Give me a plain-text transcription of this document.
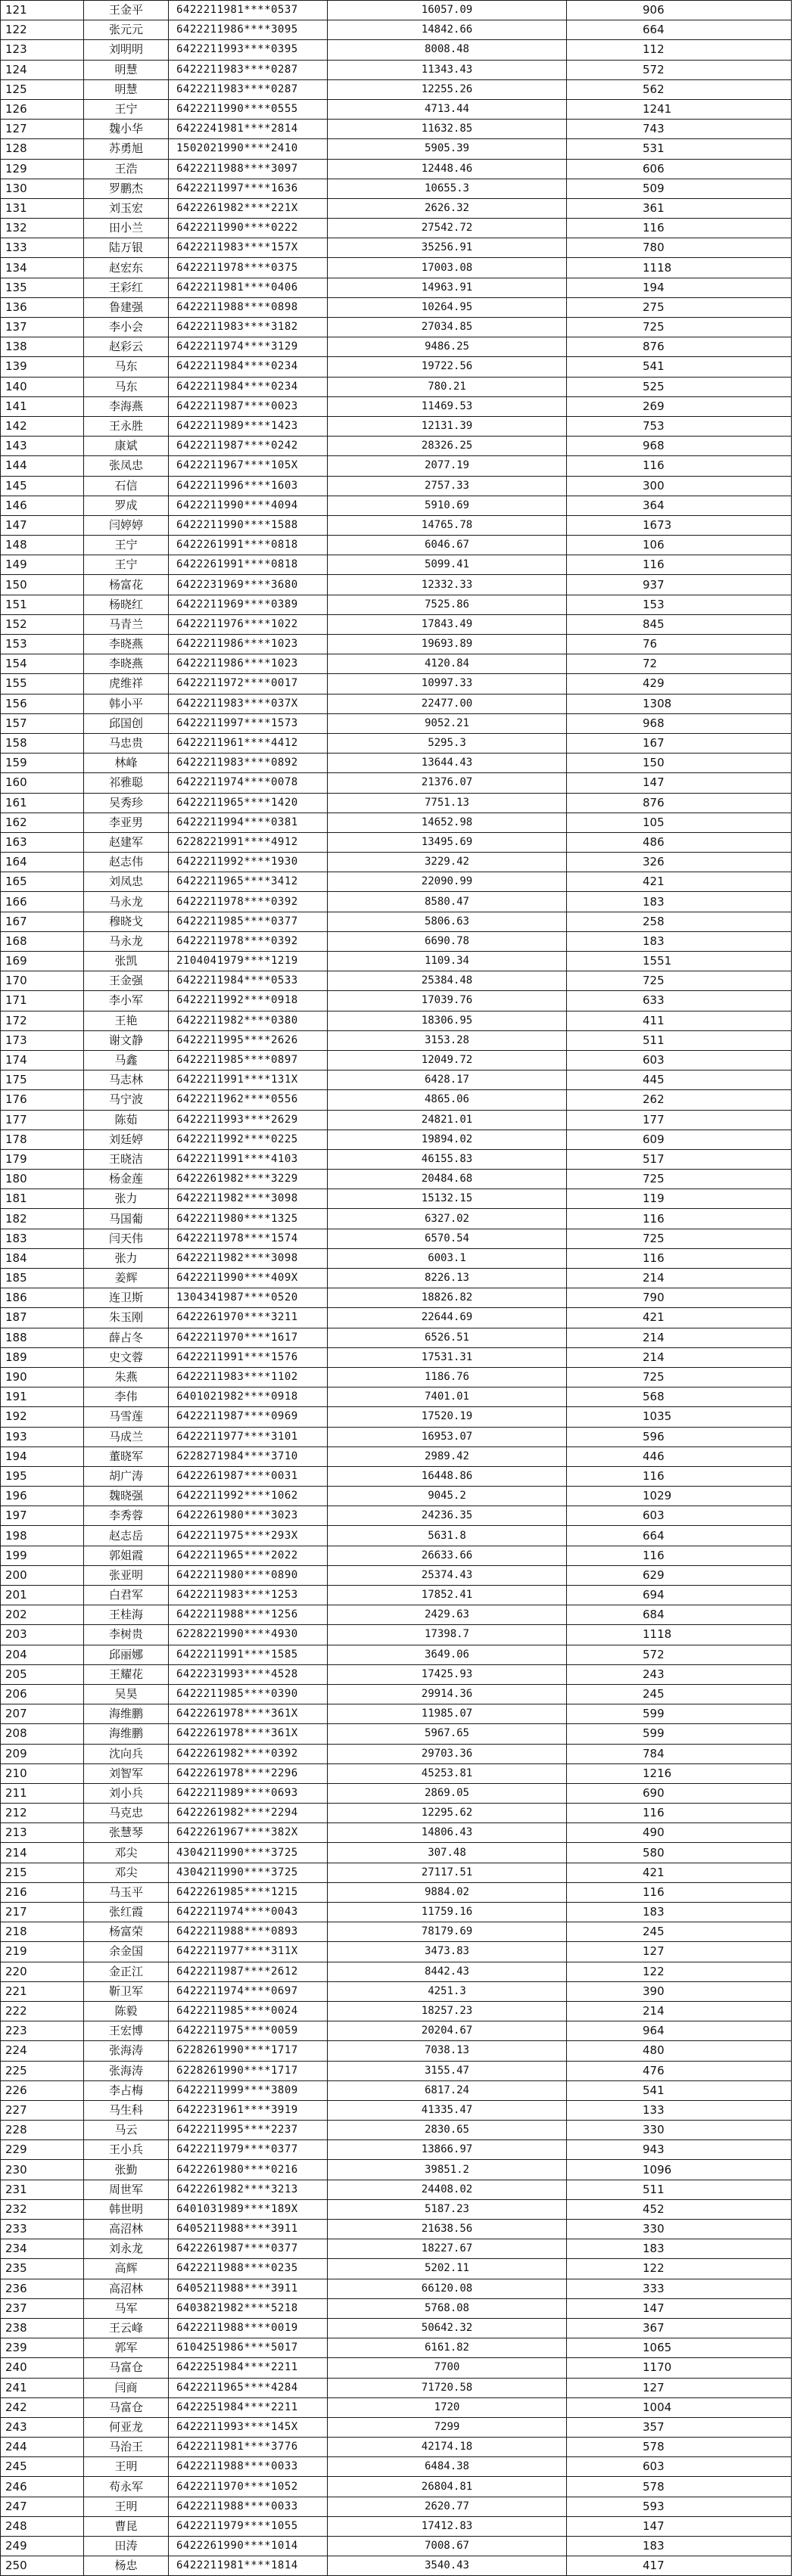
121	王金平	6422211981****0537	16057.09	906
122	张元元	6422211986****3095	14842.66	664
123	刘明明	6422211993****0395	8008.48	112
124	明慧	6422211983****0287	11343.43	572
125	明慧	6422211983****0287	12255.26	562
126	王宁	6422211990****0555	4713.44	1241
127	魏小华	6422241981****2814	11632.85	743
128	苏勇旭	1502021990****2410	5905.39	531
129	王浩	6422211988****3097	12448.46	606
130	罗鹏杰	6422211997****1636	10655.3	509
131	刘玉宏	6422261982****221X	2626.32	361
132	田小兰	6422211990****0222	27542.72	116
133	陆万银	6422211983****157X	35256.91	780
134	赵宏东	6422211978****0375	17003.08	1118
135	王彩红	6422211981****0406	14963.91	194
136	鲁建强	6422211988****0898	10264.95	275
137	李小会	6422211983****3182	27034.85	725
138	赵彩云	6422211974****3129	9486.25	876
139	马东	6422211984****0234	19722.56	541
140	马东	6422211984****0234	780.21	525
141	李海燕	6422211987****0023	11469.53	269
142	王永胜	6422211989****1423	12131.39	753
143	康斌	6422211987****0242	28326.25	968
144	张凤忠	6422211967****105X	2077.19	116
145	石信	6422211996****1603	2757.33	300
146	罗成	6422211990****4094	5910.69	364
147	闫婷婷	6422211990****1588	14765.78	1673
148	王宁	6422261991****0818	6046.67	106
149	王宁	6422261991****0818	5099.41	116
150	杨富花	6422231969****3680	12332.33	937
151	杨晓红	6422211969****0389	7525.86	153
152	马青兰	6422211976****1022	17843.49	845
153	李晓燕	6422211986****1023	19693.89	76
154	李晓燕	6422211986****1023	4120.84	72
155	虎维祥	6422211972****0017	10997.33	429
156	韩小平	6422211983****037X	22477.00	1308
157	邱国创	6422211997****1573	9052.21	968
158	马忠贵	6422211961****4412	5295.3	167
159	林峰	6422211983****0892	13644.43	150
160	祁雅聪	6422211974****0078	21376.07	147
161	吴秀珍	6422211965****1420	7751.13	876
162	李亚男	6422211994****0381	14652.98	105
163	赵建军	6228221991****4912	13495.69	486
164	赵志伟	6422211992****1930	3229.42	326
165	刘凤忠	6422211965****3412	22090.99	421
166	马永龙	6422211978****0392	8580.47	183
167	穆晓戈	6422211985****0377	5806.63	258
168	马永龙	6422211978****0392	6690.78	183
169	张凯	2104041979****1219	1109.34	1551
170	王金强	6422211984****0533	25384.48	725
171	李小军	6422211992****0918	17039.76	633
172	王艳	6422211982****0380	18306.95	411
173	谢文静	6422211995****2626	3153.28	511
174	马鑫	6422211985****0897	12049.72	603
175	马志林	6422211991****131X	6428.17	445
176	马宁波	6422211962****0556	4865.06	262
177	陈茹	6422211993****2629	24821.01	177
178	刘廷婷	6422211992****0225	19894.02	609
179	王晓洁	6422211991****4103	46155.83	517
180	杨金莲	6422261982****3229	20484.68	725
181	张力	6422211982****3098	15132.15	119
182	马国葡	6422211980****1325	6327.02	116
183	闫天伟	6422211978****1574	6570.54	725
184	张力	6422211982****3098	6003.1	116
185	姜辉	6422211990****409X	8226.13	214
186	连卫斯	1304341987****0520	18826.82	790
187	朱玉刚	6422261970****3211	22644.69	421
188	薛占冬	6422211970****1617	6526.51	214
189	史文蓉	6422211991****1576	17531.31	214
190	朱燕	6422211983****1102	1186.76	725
191	李伟	6401021982****0918	7401.01	568
192	马雪莲	6422211987****0969	17520.19	1035
193	马成兰	6422211977****3101	16953.07	596
194	董晓军	6228271984****3710	2989.42	446
195	胡广涛	6422261987****0031	16448.86	116
196	魏晓强	6422211992****1062	9045.2	1029
197	李秀蓉	6422261980****3023	24236.35	603
198	赵志岳	6422211975****293X	5631.8	664
199	郭姐霞	6422211965****2022	26633.66	116
200	张亚明	6422211980****0890	25374.43	629
201	白君军	6422211983****1253	17852.41	694
202	王桂海	6422211988****1256	2429.63	684
203	李树贵	6228221990****4930	17398.7	1118
204	邱丽娜	6422211991****1585	3649.06	572
205	王耀花	6422231993****4528	17425.93	243
206	吴昊	6422211985****0390	29914.36	245
207	海维鹏	6422261978****361X	11985.07	599
208	海维鹏	6422261978****361X	5967.65	599
209	沈向兵	6422261982****0392	29703.36	784
210	刘智军	6422261978****2296	45253.81	1216
211	刘小兵	6422211989****0693	2869.05	690
212	马克忠	6422261982****2294	12295.62	116
213	张慧琴	6422261967****382X	14806.43	490
214	邓尖	4304211990****3725	307.48	580
215	邓尖	4304211990****3725	27117.51	421
216	马玉平	6422261985****1215	9884.02	116
217	张红霞	6422211974****0043	11759.16	183
218	杨富荣	6422211988****0893	78179.69	245
219	余金国	6422211977****311X	3473.83	127
220	金正江	6422211987****2612	8442.43	122
221	靳卫军	6422211974****0697	4251.3	390
222	陈毅	6422211985****0024	18257.23	214
223	王宏博	6422211975****0059	20204.67	964
224	张海涛	6228261990****1717	7038.13	480
225	张海涛	6228261990****1717	3155.47	476
226	李占梅	6422211999****3809	6817.24	541
227	马生科	6422231961****3919	41335.47	133
228	马云	6422211995****2237	2830.65	330
229	王小兵	6422211979****0377	13866.97	943
230	张勤	6422261980****0216	39851.2	1096
231	周世军	6422261982****3213	24408.02	511
232	韩世明	6401031989****189X	5187.23	452
233	高沼林	6405211988****3911	21638.56	330
234	刘永龙	6422261987****0377	18227.67	183
235	高辉	6422211988****0235	5202.11	122
236	高沼林	6405211988****3911	66120.08	333
237	马军	6403821982****5218	5768.08	147
238	王云峰	6422211988****0019	50642.32	367
239	郭军	6104251986****5017	6161.82	1065
240	马富仓	6422251984****2211	7700	1170
241	闫商	6422211965****4284	71720.58	127
242	马富仓	6422251984****2211	1720	1004
243	何亚龙	6422211993****145X	7299	357
244	马治王	6422211981****3776	42174.18	578
245	王明	6422211988****0033	6484.38	603
246	苟永军	6422211970****1052	26804.81	578
247	王明	6422211988****0033	2620.77	593
248	曹昆	6422211979****1055	17412.83	147
249	田涛	6422261990****1014	7008.67	183
250	杨忠	6422211981****1814	3540.43	417
